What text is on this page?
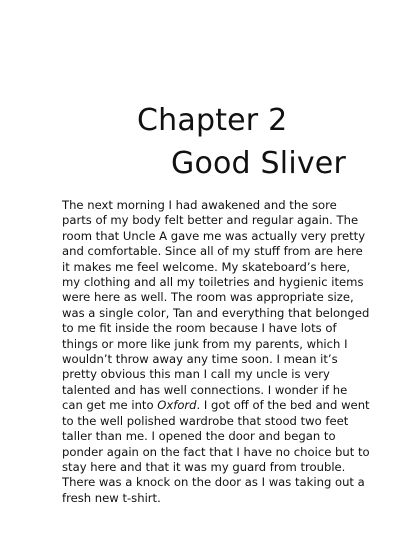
Chapter 2
Good Sliver

The next morning I had awakened and the sore
parts of my body felt better and regular again. The
room that Uncle A gave me was actually very pretty
and comfortable. Since all of my stuff from are here
it makes me feel welcome. My skateboard’s here,
my clothing and all my toiletries and hygienic items
were here as well. The room was appropriate size,
was a single color, Tan and everything that belonged
to me fit inside the room because I have lots of
things or more like junk from my parents, which I
wouldn’t throw away any time soon. I mean it’s
pretty obvious this man I call my uncle is very
talented and has well connections. I wonder if he
can get me into Oxford. I got off of the bed and went
to the well polished wardrobe that stood two feet
taller than me. I opened the door and began to
ponder again on the fact that I have no choice but to
stay here and that it was my guard from trouble.
There was a knock on the door as I was taking out a
fresh new t-shirt.
